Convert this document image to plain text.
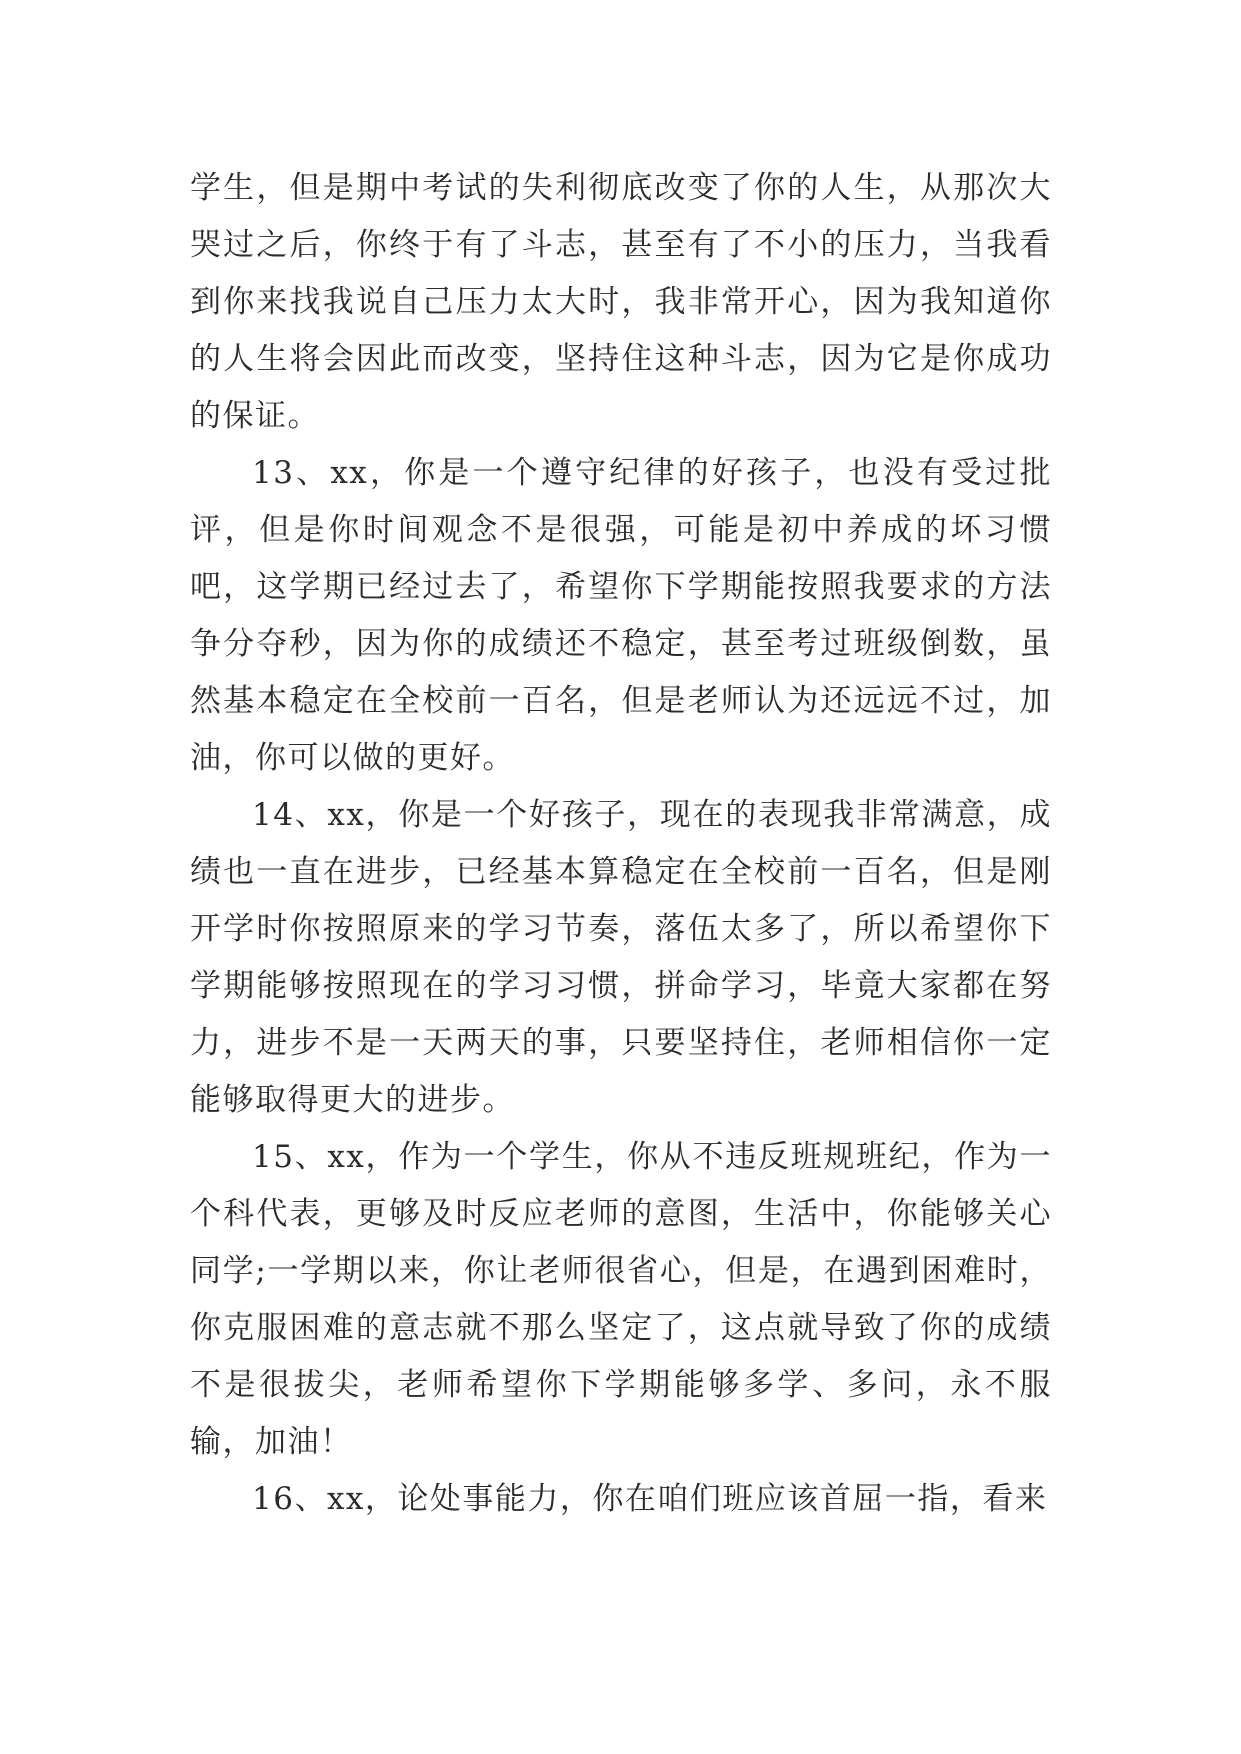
学生，但是期中考试的失利彻底改变了你的人生，从那次大哭过之后，你终于有了斗志，甚至有了不小的压力，当我看到你来找我说自己压力太大时，我非常开心，因为我知道你的人生将会因此而改变，坚持住这种斗志，因为它是你成功的保证。

13、xx，你是一个遵守纪律的好孩子，也没有受过批评，但是你时间观念不是很强，可能是初中养成的坏习惯吧，这学期已经过去了，希望你下学期能按照我要求的方法争分夺秒，因为你的成绩还不稳定，甚至考过班级倒数，虽然基本稳定在全校前一百名，但是老师认为还远远不过，加油，你可以做的更好。

14、xx，你是一个好孩子，现在的表现我非常满意，成绩也一直在进步，已经基本算稳定在全校前一百名，但是刚开学时你按照原来的学习节奏，落伍太多了，所以希望你下学期能够按照现在的学习习惯，拼命学习，毕竟大家都在努力，进步不是一天两天的事，只要坚持住，老师相信你一定能够取得更大的进步。

15、xx，作为一个学生，你从不违反班规班纪，作为一个科代表，更够及时反应老师的意图，生活中，你能够关心同学;一学期以来，你让老师很省心，但是，在遇到困难时，你克服困难的意志就不那么坚定了，这点就导致了你的成绩不是很拔尖，老师希望你下学期能够多学、多问，永不服输，加油！

16、xx，论处事能力，你在咱们班应该首屈一指，看来
